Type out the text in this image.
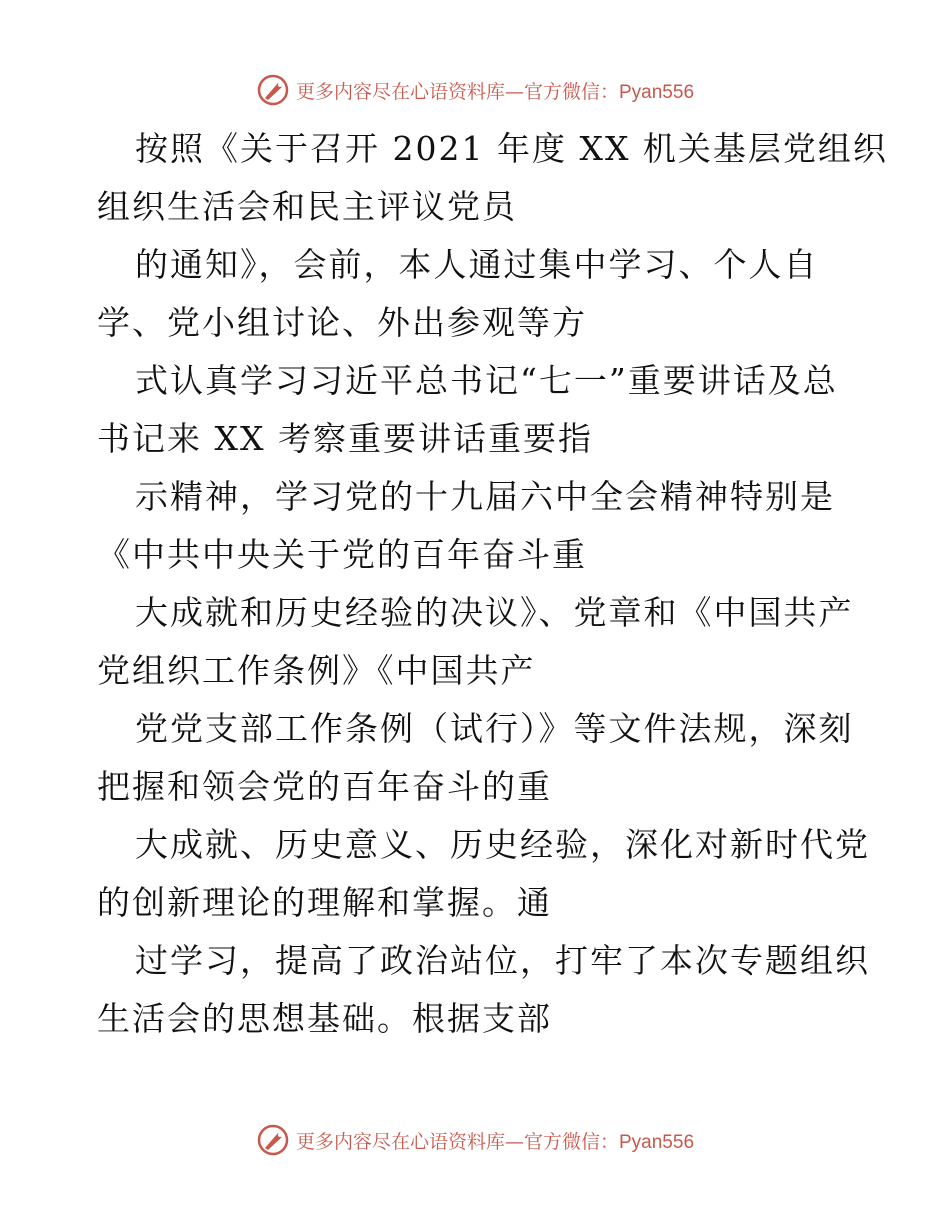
更多内容尽在心语资料库—官方微信：Pyan556
按照《关于召开 2021 年度 XX 机关基层党组织
组织生活会和民主评议党员
的通知》，会前，本人通过集中学习、个人自
学、党小组讨论、外出参观等方
式认真学习习近平总书记“七一”重要讲话及总
书记来 XX 考察重要讲话重要指
示精神，学习党的十九届六中全会精神特别是
《中共中央关于党的百年奋斗重
大成就和历史经验的决议》、党章和《中国共产
党组织工作条例》《中国共产
党党支部工作条例（试行）》等文件法规，深刻
把握和领会党的百年奋斗的重
大成就、历史意义、历史经验，深化对新时代党
的创新理论的理解和掌握。通
过学习，提高了政治站位，打牢了本次专题组织
生活会的思想基础。根据支部
更多内容尽在心语资料库—官方微信：Pyan556
